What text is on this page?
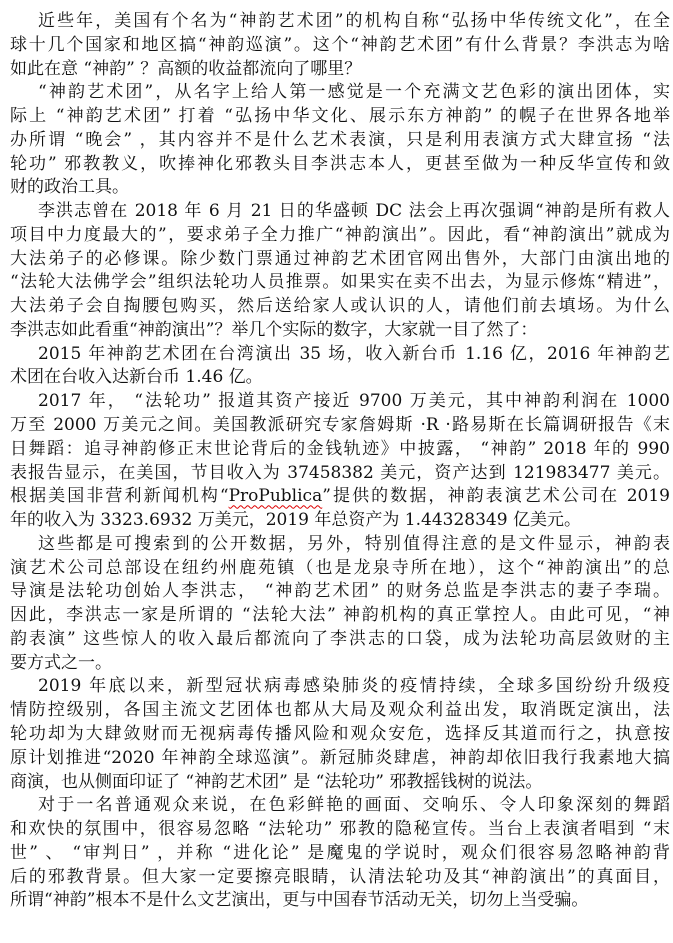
近些年，美国有个名为“神韵艺术团”的机构自称“弘扬中华传统文化”，在全
球十几个国家和地区搞“神韵巡演”。这个“神韵艺术团”有什么背景？李洪志为啥
如此在意 “神韵” ？高额的收益都流向了哪里？
“神韵艺术团”，从名字上给人第一感觉是一个充满文艺色彩的演出团体，实
际上 “神韵艺术团” 打着 “弘扬中华文化、展示东方神韵” 的幌子在世界各地举
办所谓 “晚会” ，其内容并不是什么艺术表演，只是利用表演方式大肆宣扬 “法
轮功” 邪教教义，吹捧神化邪教头目李洪志本人，更甚至做为一种反华宣传和敛
财的政治工具。
李洪志曾在 2018 年 6 月 21 日的华盛顿 DC 法会上再次强调“神韵是所有救人
项目中力度最大的”，要求弟子全力推广“神韵演出”。因此，看“神韵演出”就成为
大法弟子的必修课。除少数门票通过神韵艺术团官网出售外，大部门由演出地的
“法轮大法佛学会”组织法轮功人员推票。如果实在卖不出去，为显示修炼“精进”，
大法弟子会自掏腰包购买，然后送给家人或认识的人，请他们前去填场。为什么
李洪志如此看重“神韵演出”？举几个实际的数字，大家就一目了然了：
2015 年神韵艺术团在台湾演出 35 场，收入新台币 1.16 亿，2016 年神韵艺
术团在台收入达新台币 1.46 亿。
2017 年， “法轮功” 报道其资产接近 9700 万美元，其中神韵利润在 1000
万至 2000 万美元之间。美国教派研究专家詹姆斯 ·R ·路易斯在长篇调研报告《末
日舞蹈：追寻神韵修正末世论背后的金钱轨迹》中披露， “神韵” 2018 年的 990
表报告显示，在美国，节目收入为 37458382 美元，资产达到 121983477 美元。
根据美国非营利新闻机构“ProPublica”提供的数据，神韵表演艺术公司在 2019
年的收入为 3323.6932 万美元，2019 年总资产为 1.44328349 亿美元。
这些都是可搜索到的公开数据，另外，特别值得注意的是文件显示，神韵表
演艺术公司总部设在纽约州鹿苑镇（也是龙泉寺所在地），这个“神韵演出”的总
导演是法轮功创始人李洪志， “神韵艺术团” 的财务总监是李洪志的妻子李瑞。
因此，李洪志一家是所谓的 “法轮大法” 神韵机构的真正掌控人。由此可见，“神
韵表演” 这些惊人的收入最后都流向了李洪志的口袋，成为法轮功高层敛财的主
要方式之一。
2019 年底以来，新型冠状病毒感染肺炎的疫情持续，全球多国纷纷升级疫
情防控级别，各国主流文艺团体也都从大局及观众利益出发，取消既定演出，法
轮功却为大肆敛财而无视病毒传播风险和观众安危，选择反其道而行之，执意按
原计划推进“2020 年神韵全球巡演”。新冠肺炎肆虐，神韵却依旧我行我素地大搞
商演，也从侧面印证了 “神韵艺术团” 是 “法轮功” 邪教摇钱树的说法。
对于一名普通观众来说，在色彩鲜艳的画面、交响乐、令人印象深刻的舞蹈
和欢快的氛围中，很容易忽略 “法轮功” 邪教的隐秘宣传。当台上表演者唱到 “末
世” 、 “审判日” ，并称 “进化论” 是魔鬼的学说时，观众们很容易忽略神韵背
后的邪教背景。但大家一定要擦亮眼睛，认清法轮功及其“神韵演出”的真面目，
所谓“神韵”根本不是什么文艺演出，更与中国春节活动无关，切勿上当受骗。
